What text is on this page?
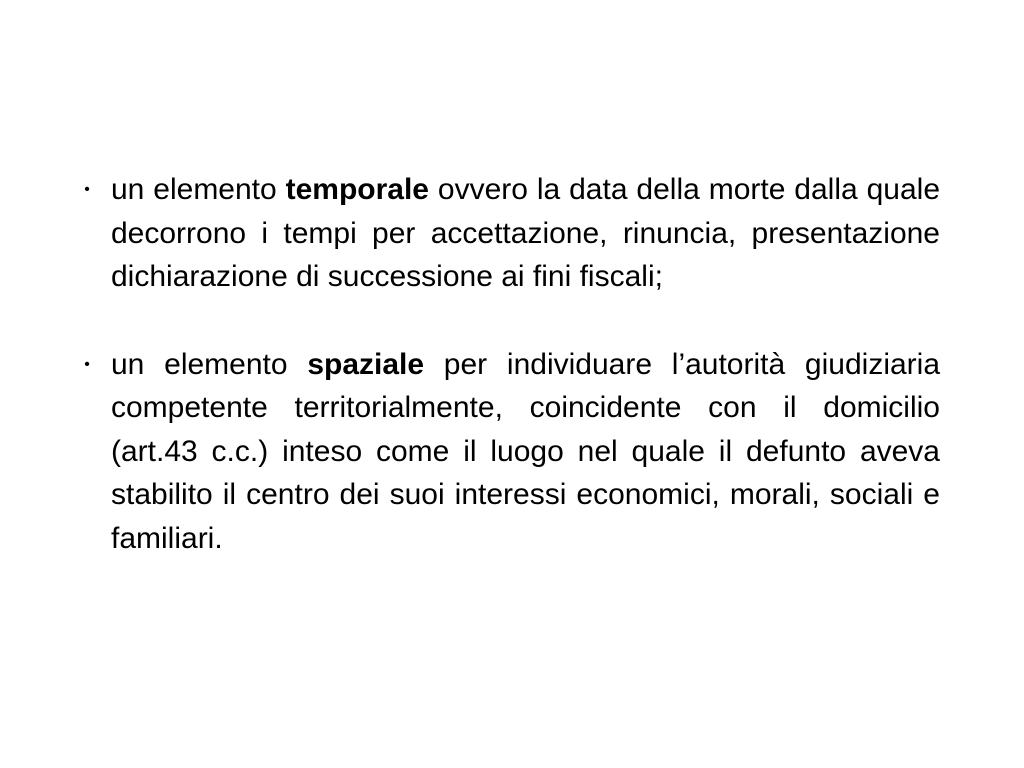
• un elemento temporale ovvero la data della morte dalla quale decorrono i tempi per accettazione, rinuncia, presentazione dichiarazione di successione ai fini fiscali;
• un elemento spaziale per individuare l’autorità giudiziaria competente territorialmente, coincidente con il domicilio (art.43 c.c.) inteso come il luogo nel quale il defunto aveva stabilito il centro dei suoi interessi economici, morali, sociali e familiari.
